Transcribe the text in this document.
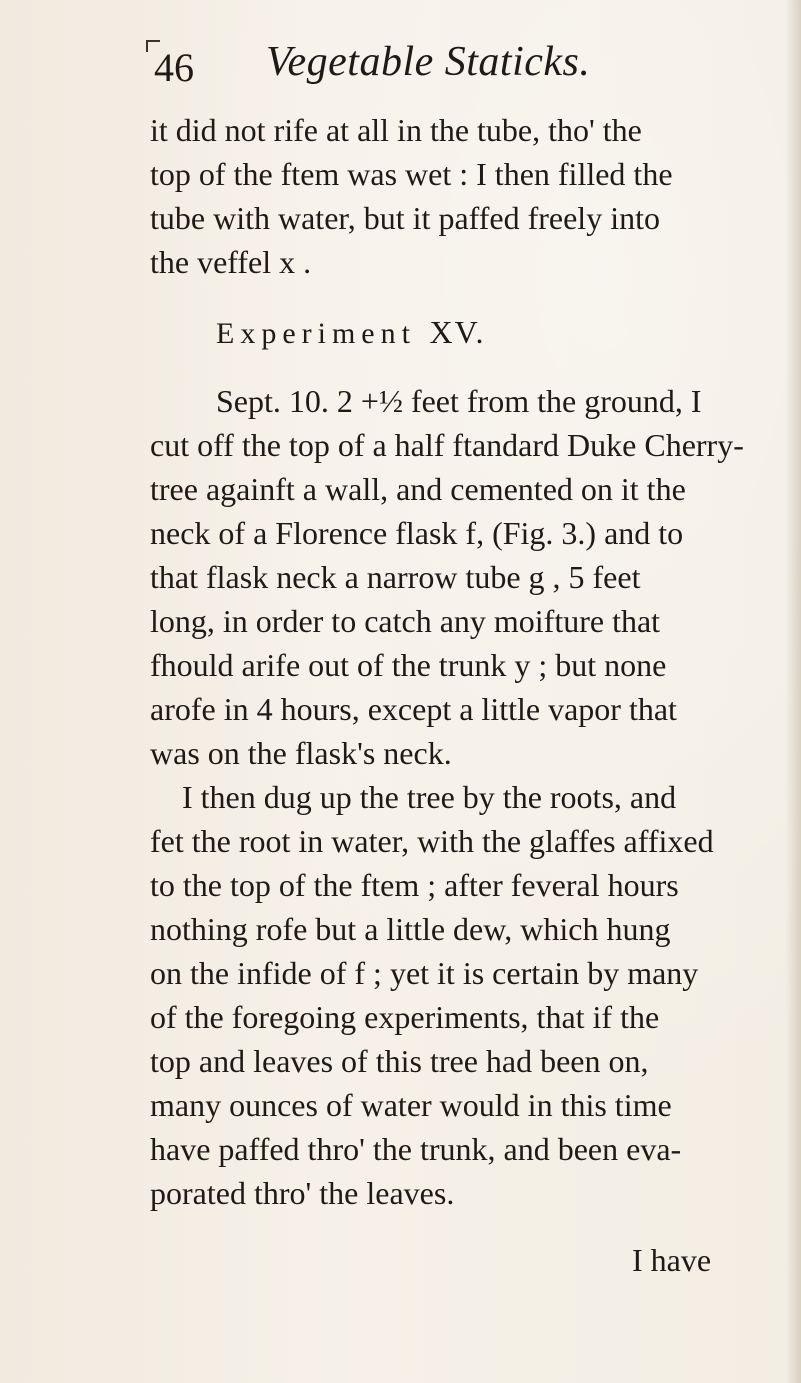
46 Vegetable Staticks.
it did not rife at all in the tube, tho' the
top of the ftem was wet : I then filled the
tube with water, but it paffed freely into
the veffel x .
Experiment XV.
Sept. 10. 2 +½ feet from the ground, I
cut off the top of a half ftandard Duke Cherry-
tree againft a wall, and cemented on it the
neck of a Florence flask f, (Fig. 3.) and to
that flask neck a narrow tube g , 5 feet
long, in order to catch any moifture that
fhould arife out of the trunk y ; but none
arofe in 4 hours, except a little vapor that
was on the flask's neck.
I then dug up the tree by the roots, and
fet the root in water, with the glaffes affixed
to the top of the ftem ; after feveral hours
nothing rofe but a little dew, which hung
on the infide of f ; yet it is certain by many
of the foregoing experiments, that if the
top and leaves of this tree had been on,
many ounces of water would in this time
have paffed thro' the trunk, and been eva-
porated thro' the leaves.
I have
